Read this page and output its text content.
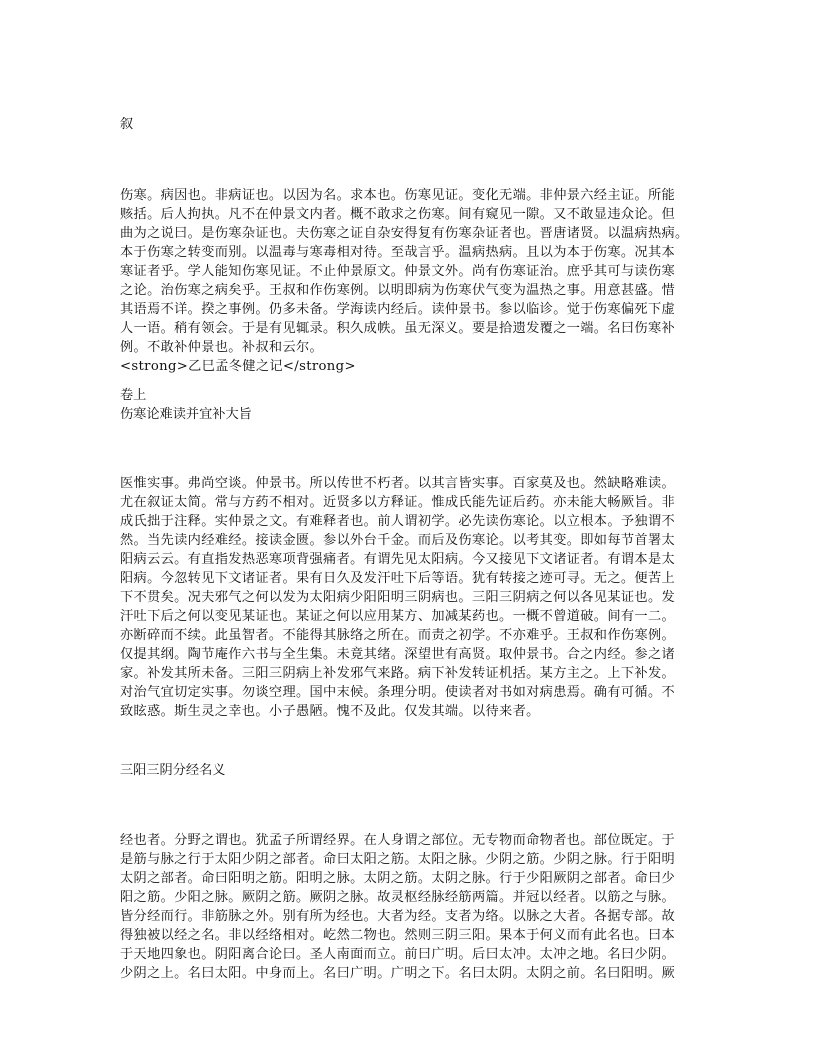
叙
伤寒。病因也。非病证也。以因为名。求本也。伤寒见证。变化无端。非仲景六经主证。所能
赅括。后人拘执。凡不在仲景文内者。概不敢求之伤寒。间有窥见一隙。又不敢显违众论。但
曲为之说曰。是伤寒杂证也。夫伤寒之证自杂安得复有伤寒杂证者也。晋唐诸贤。以温病热病。
本于伤寒之转变而别。以温毒与寒毒相对待。至哉言乎。温病热病。且以为本于伤寒。况其本
寒证者乎。学人能知伤寒见证。不止仲景原文。仲景文外。尚有伤寒证治。庶乎其可与读伤寒
之论。治伤寒之病矣乎。王叔和作伤寒例。以明即病为伤寒伏气变为温热之事。用意甚盛。惜
其语焉不详。揆之事例。仍多未备。学海读内经后。读仲景书。参以临诊。觉于伤寒偏死下虚
人一语。稍有领会。于是有见辄录。积久成帙。虽无深义。要是拾遗发覆之一端。名曰伤寒补
例。不敢补仲景也。补叔和云尔。
<strong>乙巳孟冬健之记</strong>
卷上
伤寒论难读并宜补大旨
医惟实事。弗尚空谈。仲景书。所以传世不朽者。以其言皆实事。百家莫及也。然缺略难读。
尤在叙证太简。常与方药不相对。近贤多以方释证。惟成氏能先证后药。亦未能大畅厥旨。非
成氏拙于注释。实仲景之文。有难释者也。前人谓初学。必先读伤寒论。以立根本。予独谓不
然。当先读内经难经。接读金匮。参以外台千金。而后及伤寒论。以考其变。即如每节首署太
阳病云云。有直指发热恶寒项背强痛者。有谓先见太阳病。今又接见下文诸证者。有谓本是太
阳病。今忽转见下文诸证者。果有日久及发汗吐下后等语。犹有转接之迹可寻。无之。便苦上
下不贯矣。况夫邪气之何以发为太阳病少阳阳明三阴病也。三阳三阴病之何以各见某证也。发
汗吐下后之何以变见某证也。某证之何以应用某方、加减某药也。一概不曾道破。间有一二。
亦断碎而不续。此虽智者。不能得其脉络之所在。而责之初学。不亦难乎。王叔和作伤寒例。
仅提其纲。陶节庵作六书与全生集。未竟其绪。深望世有高贤。取仲景书。合之内经。参之诸
家。补发其所未备。三阳三阴病上补发邪气来路。病下补发转证机括。某方主之。上下补发。
对治气宜切定实事。勿谈空理。国中末候。条理分明。使读者对书如对病患焉。确有可循。不
致眩惑。斯生灵之幸也。小子愚陋。愧不及此。仅发其端。以待来者。
三阳三阴分经名义
经也者。分野之谓也。犹孟子所谓经界。在人身谓之部位。无专物而命物者也。部位既定。于
是筋与脉之行于太阳少阴之部者。命曰太阳之筋。太阳之脉。少阴之筋。少阴之脉。行于阳明
太阴之部者。命曰阳明之筋。阳明之脉。太阴之筋。太阴之脉。行于少阳厥阴之部者。命曰少
阳之筋。少阳之脉。厥阴之筋。厥阴之脉。故灵枢经脉经筋两篇。并冠以经者。以筋之与脉。
皆分经而行。非筋脉之外。别有所为经也。大者为经。支者为络。以脉之大者。各据专部。故
得独被以经之名。非以经络相对。屹然二物也。然则三阴三阳。果本于何义而有此名也。曰本
于天地四象也。阴阳离合论曰。圣人南面而立。前曰广明。后曰太冲。太冲之地。名曰少阴。
少阴之上。名曰太阳。中身而上。名曰广明。广明之下。名曰太阴。太阴之前。名曰阳明。厥
